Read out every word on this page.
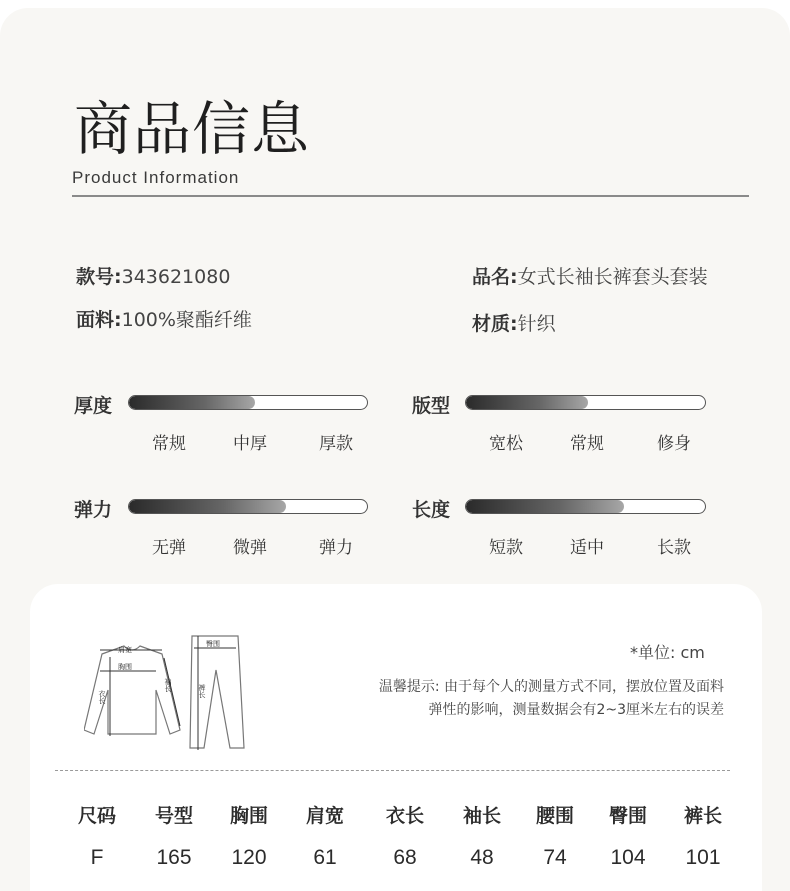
商品信息
Product Information
款号:343621080	品名:女式长袖长裤套头套装
面料:100%聚酯纤维	材质:针织
厚度
常规	中厚	厚款
版型
宽松	常规	修身
弹力
无弹	微弹	弹力
长度
短款	适中	长款
肩宽
胸围
衣长
袖长
臀围
裤长
*单位: cm
温馨提示: 由于每个人的测量方式不同，摆放位置及面料
弹性的影响，测量数据会有2~3厘米左右的误差
尺码	号型	胸围	肩宽	衣长	袖长	腰围	臀围	裤长
F	165	120	61	68	48	74	104	101
